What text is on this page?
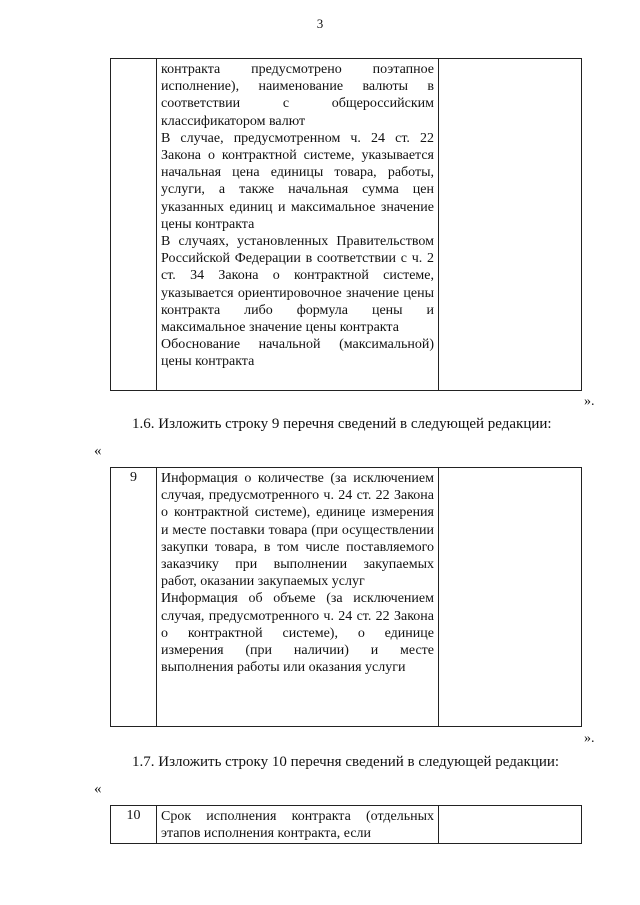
3
контракта предусмотрено поэтапное исполнение), наименование валюты в соответствии с общероссийским классификатором валют
В случае, предусмотренном ч. 24 ст. 22 Закона о контрактной системе, указывается начальная цена единицы товара, работы, услуги, а также начальная сумма цен указанных единиц и максимальное значение цены контракта
В случаях, установленных Правительством Российской Федерации в соответствии с ч. 2 ст. 34 Закона о контрактной системе, указывается ориентировочное значение цены контракта либо формула цены и максимальное значение цены контракта
Обоснование начальной (максимальной) цены контракта
».
1.6. Изложить строку 9 перечня сведений в следующей редакции:
«
9	Информация о количестве (за исключением случая, предусмотренного ч. 24 ст. 22 Закона о контрактной системе), единице измерения и месте поставки товара (при осуществлении закупки товара, в том числе поставляемого заказчику при выполнении закупаемых работ, оказании закупаемых услуг
Информация об объеме (за исключением случая, предусмотренного ч. 24 ст. 22 Закона о контрактной системе), о единице измерения (при наличии) и месте выполнения работы или оказания услуги
».
1.7. Изложить строку 10 перечня сведений в следующей редакции:
«
10	Срок исполнения контракта (отдельных этапов исполнения контракта, если
